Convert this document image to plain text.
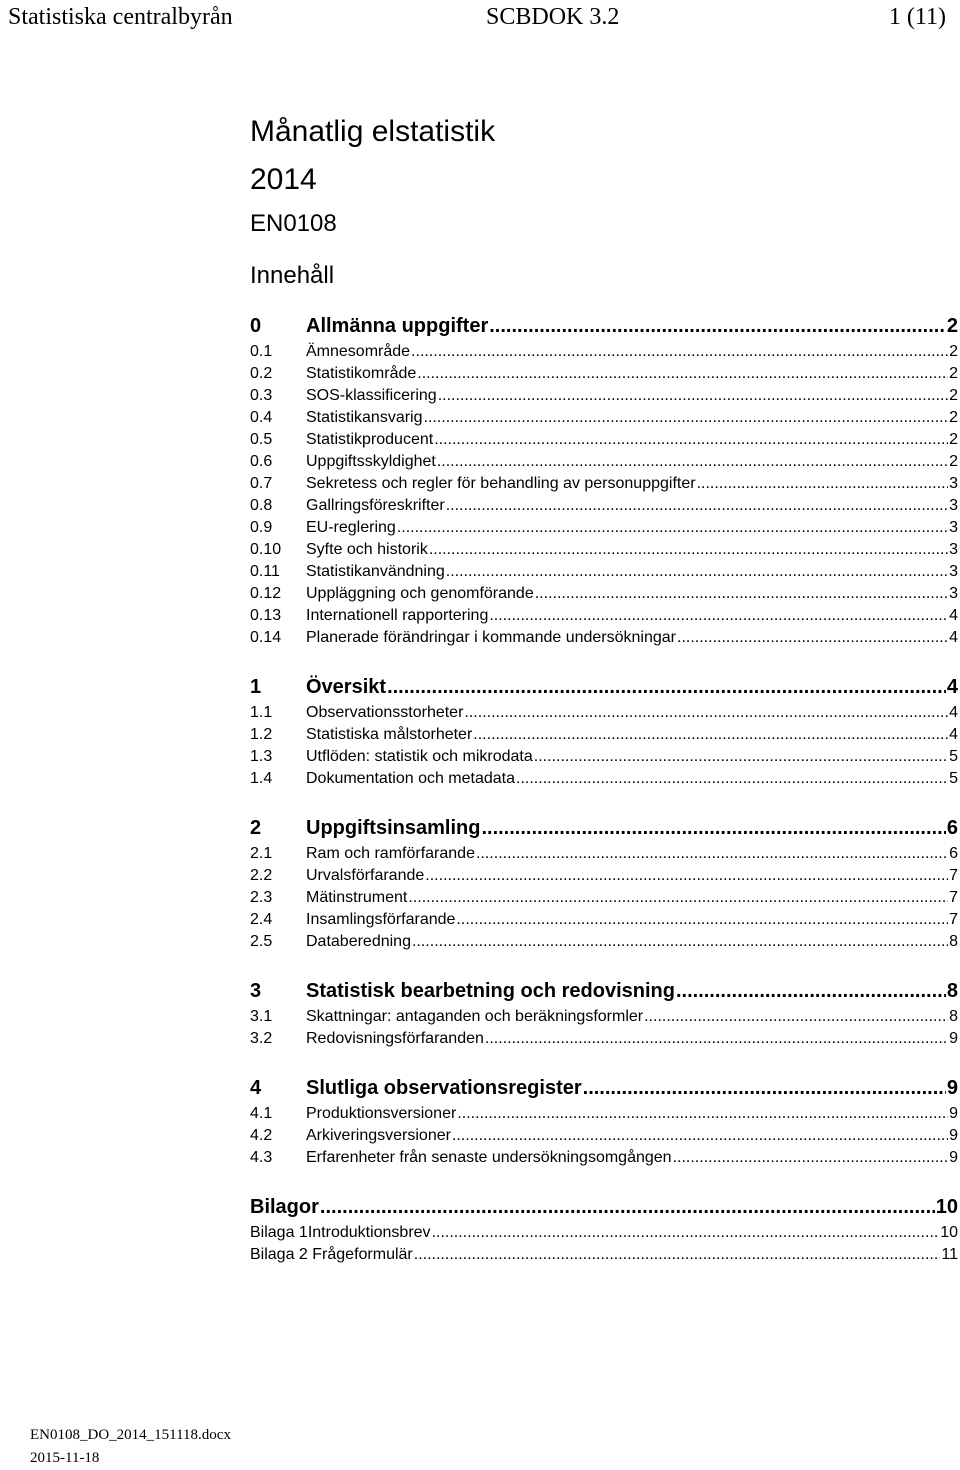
Statistiska centralbyrån	SCBDOK 3.2	1 (11)
Månatlig elstatistik
2014
EN0108
Innehåll
0	Allmänna uppgifter .....	2
0.1	Ämnesområde .....	2
0.2	Statistikområde .....	2
0.3	SOS-klassificering .....	2
0.4	Statistikansvarig .....	2
0.5	Statistikproducent .....	2
0.6	Uppgiftsskyldighet .....	2
0.7	Sekretess och regler för behandling av personuppgifter .....	3
0.8	Gallringsföreskrifter .....	3
0.9	EU-reglering .....	3
0.10	Syfte och historik .....	3
0.11	Statistikanvändning .....	3
0.12	Uppläggning och genomförande .....	3
0.13	Internationell rapportering .....	4
0.14	Planerade förändringar i kommande undersökningar .....	4
1	Översikt .....	4
1.1	Observationsstorheter .....	4
1.2	Statistiska målstorheter .....	4
1.3	Utflöden: statistik och mikrodata .....	5
1.4	Dokumentation och metadata .....	5
2	Uppgiftsinsamling .....	6
2.1	Ram och ramförfarande .....	6
2.2	Urvalsförfarande .....	7
2.3	Mätinstrument .....	7
2.4	Insamlingsförfarande .....	7
2.5	Databeredning .....	8
3	Statistisk bearbetning och redovisning .....	8
3.1	Skattningar: antaganden och beräkningsformler .....	8
3.2	Redovisningsförfaranden .....	9
4	Slutliga observationsregister .....	9
4.1	Produktionsversioner .....	9
4.2	Arkiveringsversioner .....	9
4.3	Erfarenheter från senaste undersökningsomgången .....	9
Bilagor .....	10
Bilaga 1Introduktionsbrev .....	10
Bilaga 2 Frågeformulär .....	11
EN0108_DO_2014_151118.docx
2015-11-18
